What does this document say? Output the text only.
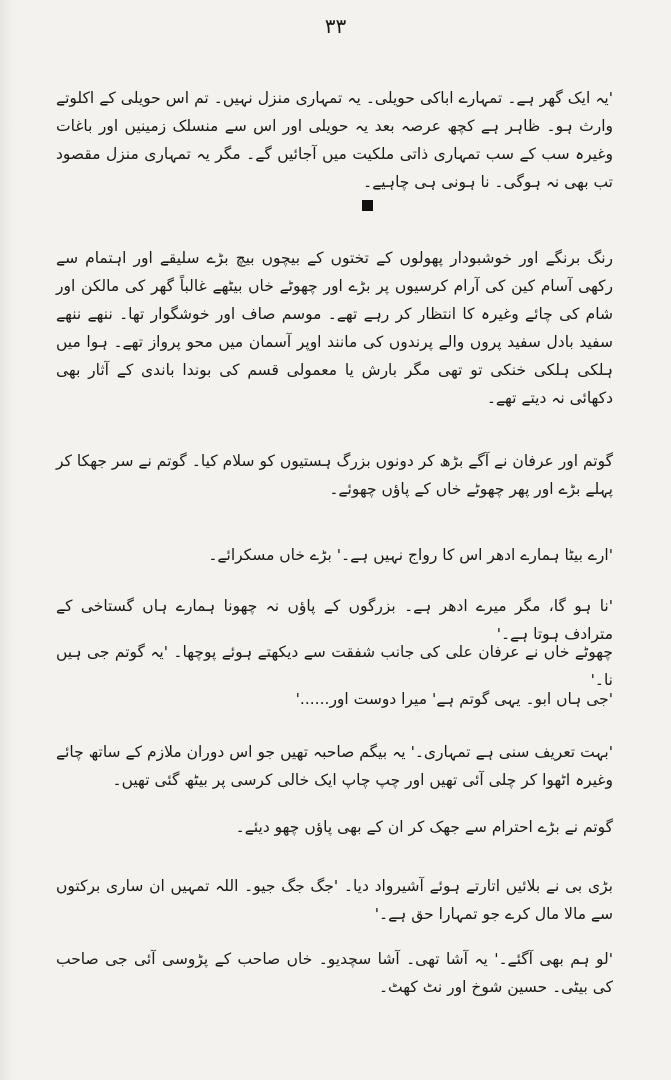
۳۳

'یہ ایک گھر ہے۔ تمہارے اباکی حویلی۔ یہ تمہاری منزل نہیں۔ تم اس حویلی کے اکلوتے وارث ہو۔ ظاہر ہے کچھ عرصہ بعد یہ حویلی اور اس سے منسلک زمینیں اور باغات وغیرہ سب کے سب تمہاری ذاتی ملکیت میں آجائیں گے۔ مگر یہ تمہاری منزل مقصود تب بھی نہ ہوگی۔ نا ہونی ہی چاہیے۔

رنگ برنگے اور خوشبودار پھولوں کے تختوں کے بیچوں بیچ بڑے سلیقے اور اہتمام سے رکھی آسام کین کی آرام کرسیوں پر بڑے اور چھوٹے خاں بیٹھے غالباً گھر کی مالکن اور شام کی چائے وغیرہ کا انتظار کر رہے تھے۔ موسم صاف اور خوشگوار تھا۔ ننھے ننھے سفید بادل سفید پروں والے پرندوں کی مانند اوپر آسمان میں محو پرواز تھے۔ ہوا میں ہلکی ہلکی خنکی تو تھی مگر بارش یا معمولی قسم کی بوندا باندی کے آثار بھی دکھائی نہ دیتے تھے۔

گوتم اور عرفان نے آگے بڑھ کر دونوں بزرگ ہستیوں کو سلام کیا۔ گوتم نے سر جھکا کر پہلے بڑے اور پھر چھوٹے خاں کے پاؤں چھوئے۔

'ارے بیٹا ہمارے ادھر اس کا رواج نہیں ہے۔' بڑے خاں مسکرائے۔

'نا ہو گا، مگر میرے ادھر ہے۔ بزرگوں کے پاؤں نہ چھونا ہمارے ہاں گستاخی کے مترادف ہوتا ہے۔'

چھوٹے خاں نے عرفان علی کی جانب شفقت سے دیکھتے ہوئے پوچھا۔ 'یہ گوتم جی ہیں نا۔'

'جی ہاں ابو۔ یہی گوتم ہے' میرا دوست اور......'

'بہت تعریف سنی ہے تمہاری۔' یہ بیگم صاحبہ تھیں جو اس دوران ملازم کے ساتھ چائے وغیرہ اٹھوا کر چلی آئی تھیں اور چپ چاپ ایک خالی کرسی پر بیٹھ گئی تھیں۔

گوتم نے بڑے احترام سے جھک کر ان کے بھی پاؤں چھو دیئے۔

بڑی بی نے بلائیں اتارتے ہوئے آشیرواد دیا۔ 'جگ جگ جیو۔ اللہ تمہیں ان ساری برکتوں سے مالا مال کرے جو تمہارا حق ہے۔'

'لو ہم بھی آگئے۔' یہ آشا تھی۔ آشا سچدیو۔ خاں صاحب کے پڑوسی آئی جی صاحب کی بیٹی۔ حسین شوخ اور نٹ کھٹ۔
